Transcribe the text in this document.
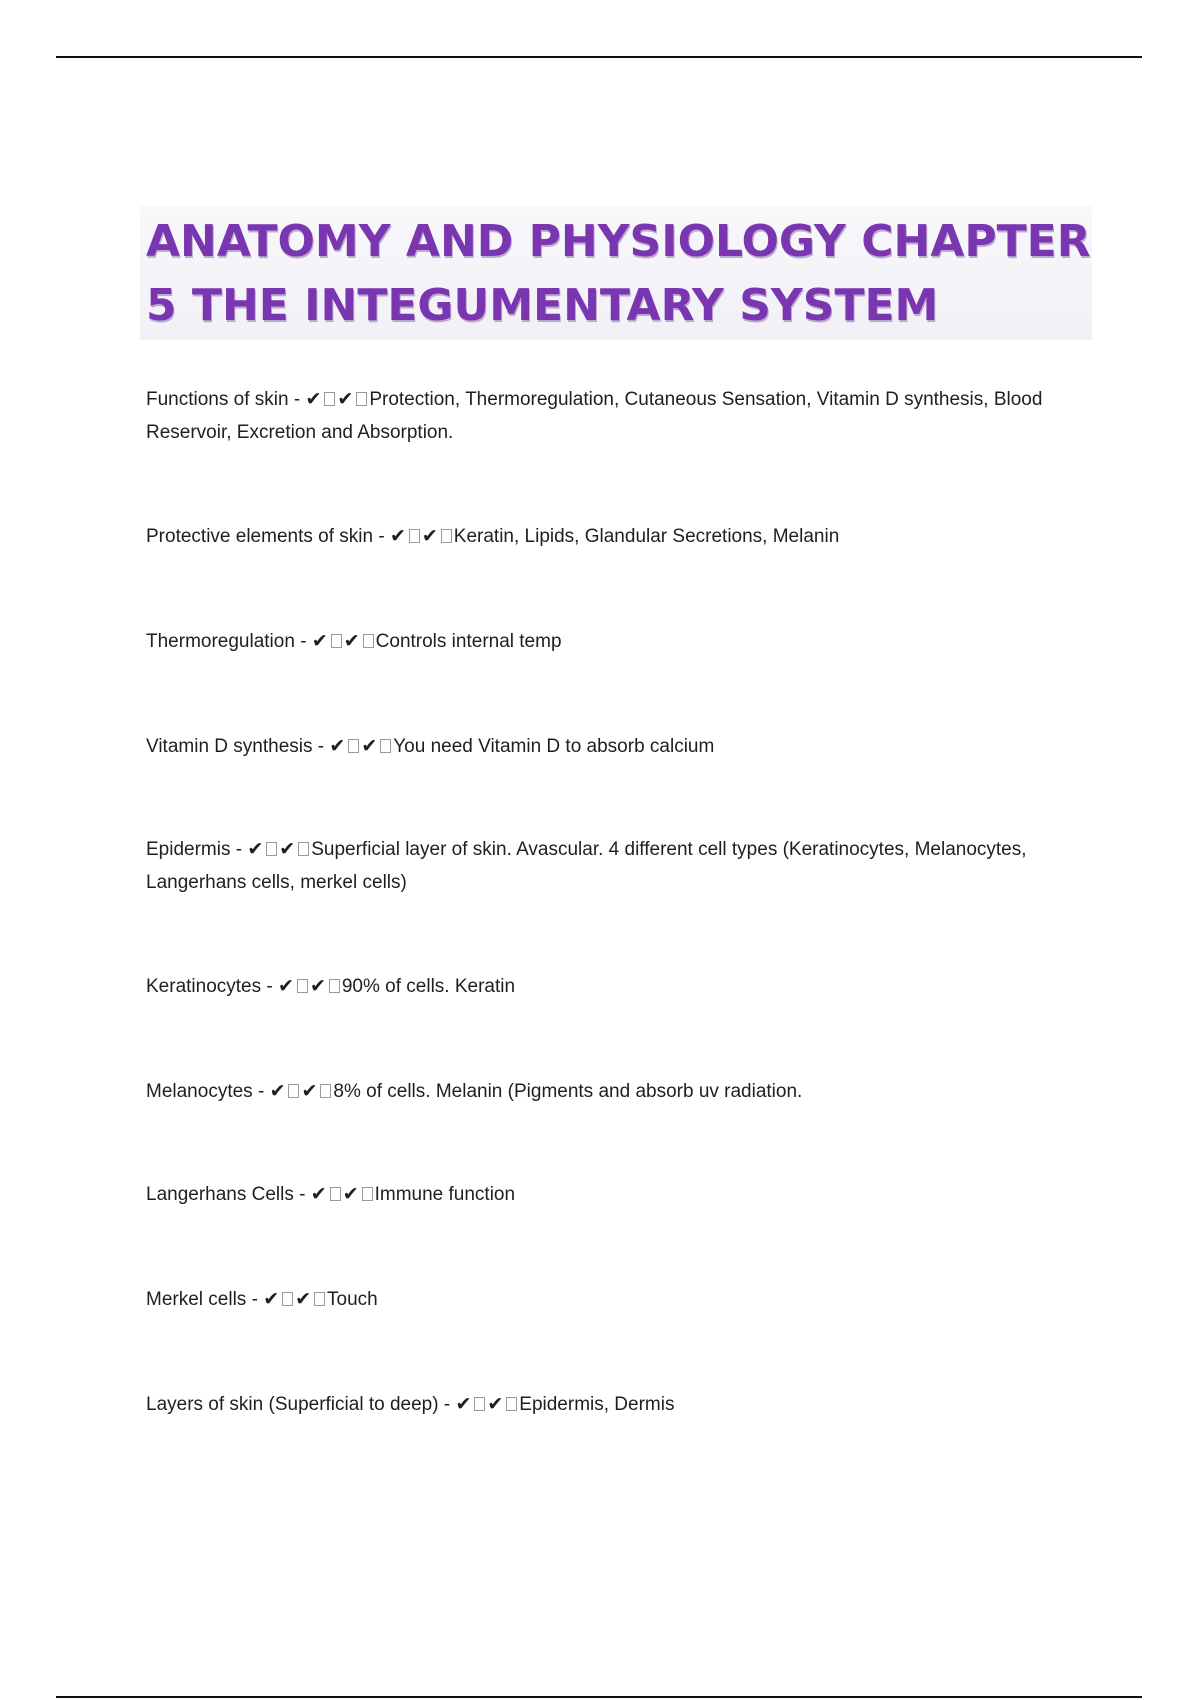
ANATOMY AND PHYSIOLOGY CHAPTER
5 THE INTEGUMENTARY SYSTEM
Functions of skin - ✔ ✔ Protection, Thermoregulation, Cutaneous Sensation, Vitamin D synthesis, Blood Reservoir, Excretion and Absorption.
Protective elements of skin - ✔ ✔ Keratin, Lipids, Glandular Secretions, Melanin
Thermoregulation - ✔ ✔ Controls internal temp
Vitamin D synthesis - ✔ ✔ You need Vitamin D to absorb calcium
Epidermis - ✔ ✔ Superficial layer of skin. Avascular. 4 different cell types (Keratinocytes, Melanocytes, Langerhans cells, merkel cells)
Keratinocytes - ✔ ✔ 90% of cells. Keratin
Melanocytes - ✔ ✔ 8% of cells. Melanin (Pigments and absorb uv radiation.
Langerhans Cells - ✔ ✔ Immune function
Merkel cells - ✔ ✔ Touch
Layers of skin (Superficial to deep) - ✔ ✔ Epidermis, Dermis
